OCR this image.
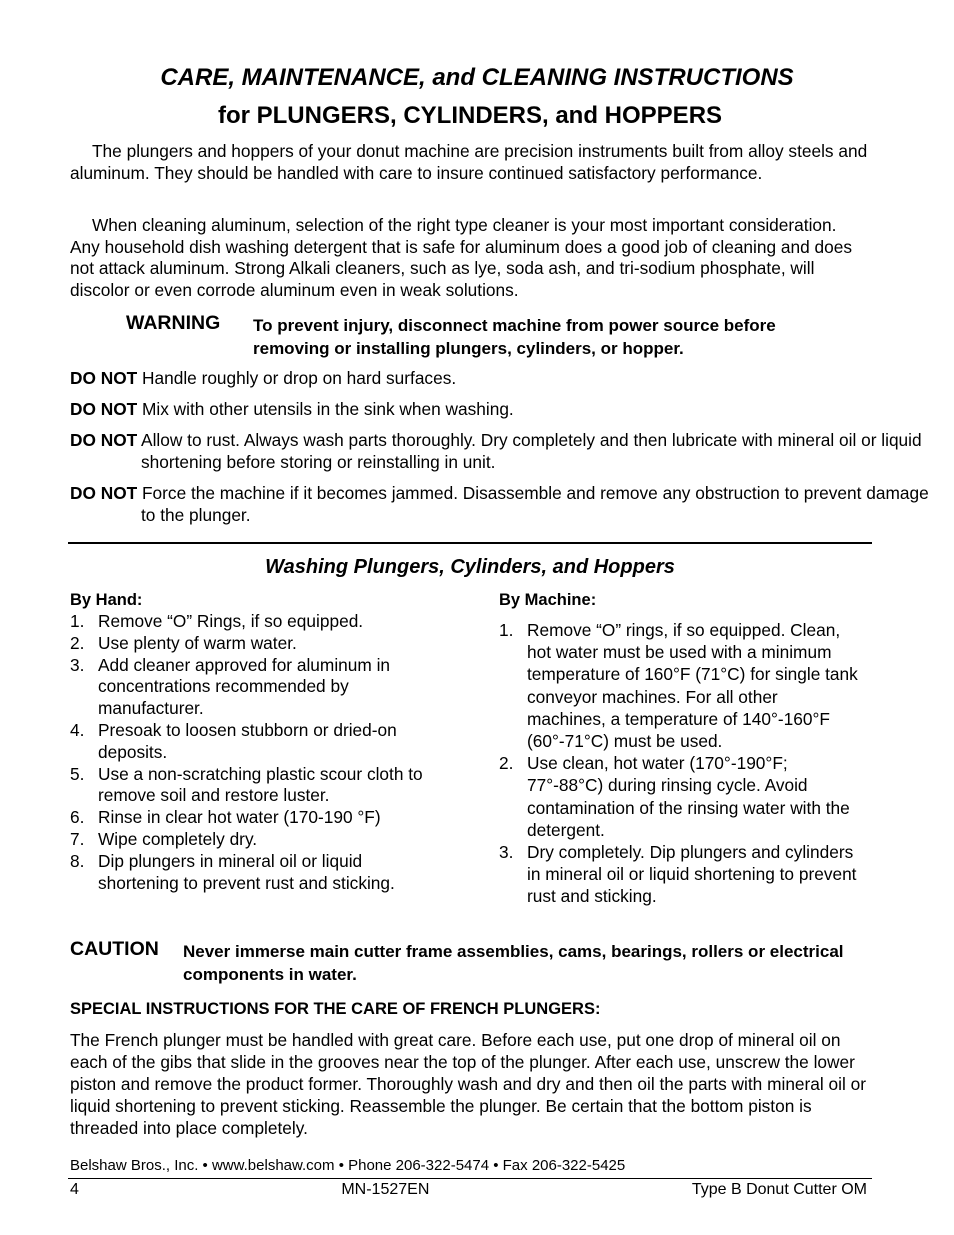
CARE, MAINTENANCE, and CLEANING INSTRUCTIONS
for PLUNGERS, CYLINDERS, and HOPPERS

The plungers and hoppers of your donut machine are precision instruments built from alloy steels and aluminum. They should be handled with care to insure continued satisfactory performance.

When cleaning aluminum, selection of the right type cleaner is your most important consideration. Any household dish washing detergent that is safe for aluminum does a good job of cleaning and does not attack aluminum. Strong Alkali cleaners, such as lye, soda ash, and tri-sodium phosphate, will discolor or even corrode aluminum even in weak solutions.

WARNING To prevent injury, disconnect machine from power source before removing or installing plungers, cylinders, or hopper.
DO NOT Handle roughly or drop on hard surfaces.
DO NOT Mix with other utensils in the sink when washing.
DO NOT Allow to rust. Always wash parts thoroughly. Dry completely and then lubricate with mineral oil or liquid shortening before storing or reinstalling in unit.
DO NOT Force the machine if it becomes jammed. Disassemble and remove any obstruction to prevent damage to the plunger.
Washing Plungers, Cylinders, and Hoppers
By Hand:
1. Remove “O” Rings, if so equipped.
2. Use plenty of warm water.
3. Add cleaner approved for aluminum in concentrations recommended by manufacturer.
4. Presoak to loosen stubborn or dried-on deposits.
5. Use a non-scratching plastic scour cloth to remove soil and restore luster.
6. Rinse in clear hot water (170-190 °F)
7. Wipe completely dry.
8. Dip plungers in mineral oil or liquid shortening to prevent rust and sticking.
By Machine:
1. Remove “O” rings, if so equipped. Clean, hot water must be used with a minimum temperature of 160°F (71°C) for single tank conveyor machines. For all other machines, a temperature of 140°-160°F (60°-71°C) must be used.
2. Use clean, hot water (170°-190°F; 77°-88°C) during rinsing cycle. Avoid contamination of the rinsing water with the detergent.
3. Dry completely. Dip plungers and cylinders in mineral oil or liquid shortening to prevent rust and sticking.
CAUTION Never immerse main cutter frame assemblies, cams, bearings, rollers or electrical components in water.
SPECIAL INSTRUCTIONS FOR THE CARE OF FRENCH PLUNGERS:

The French plunger must be handled with great care. Before each use, put one drop of mineral oil on each of the gibs that slide in the grooves near the top of the plunger. After each use, unscrew the lower piston and remove the product former. Thoroughly wash and dry and then oil the parts with mineral oil or liquid shortening to prevent sticking. Reassemble the plunger. Be certain that the bottom piston is threaded into place completely.

Belshaw Bros., Inc. • www.belshaw.com • Phone 206-322-5474 • Fax 206-322-5425
4	MN-1527EN	Type B Donut Cutter OM
